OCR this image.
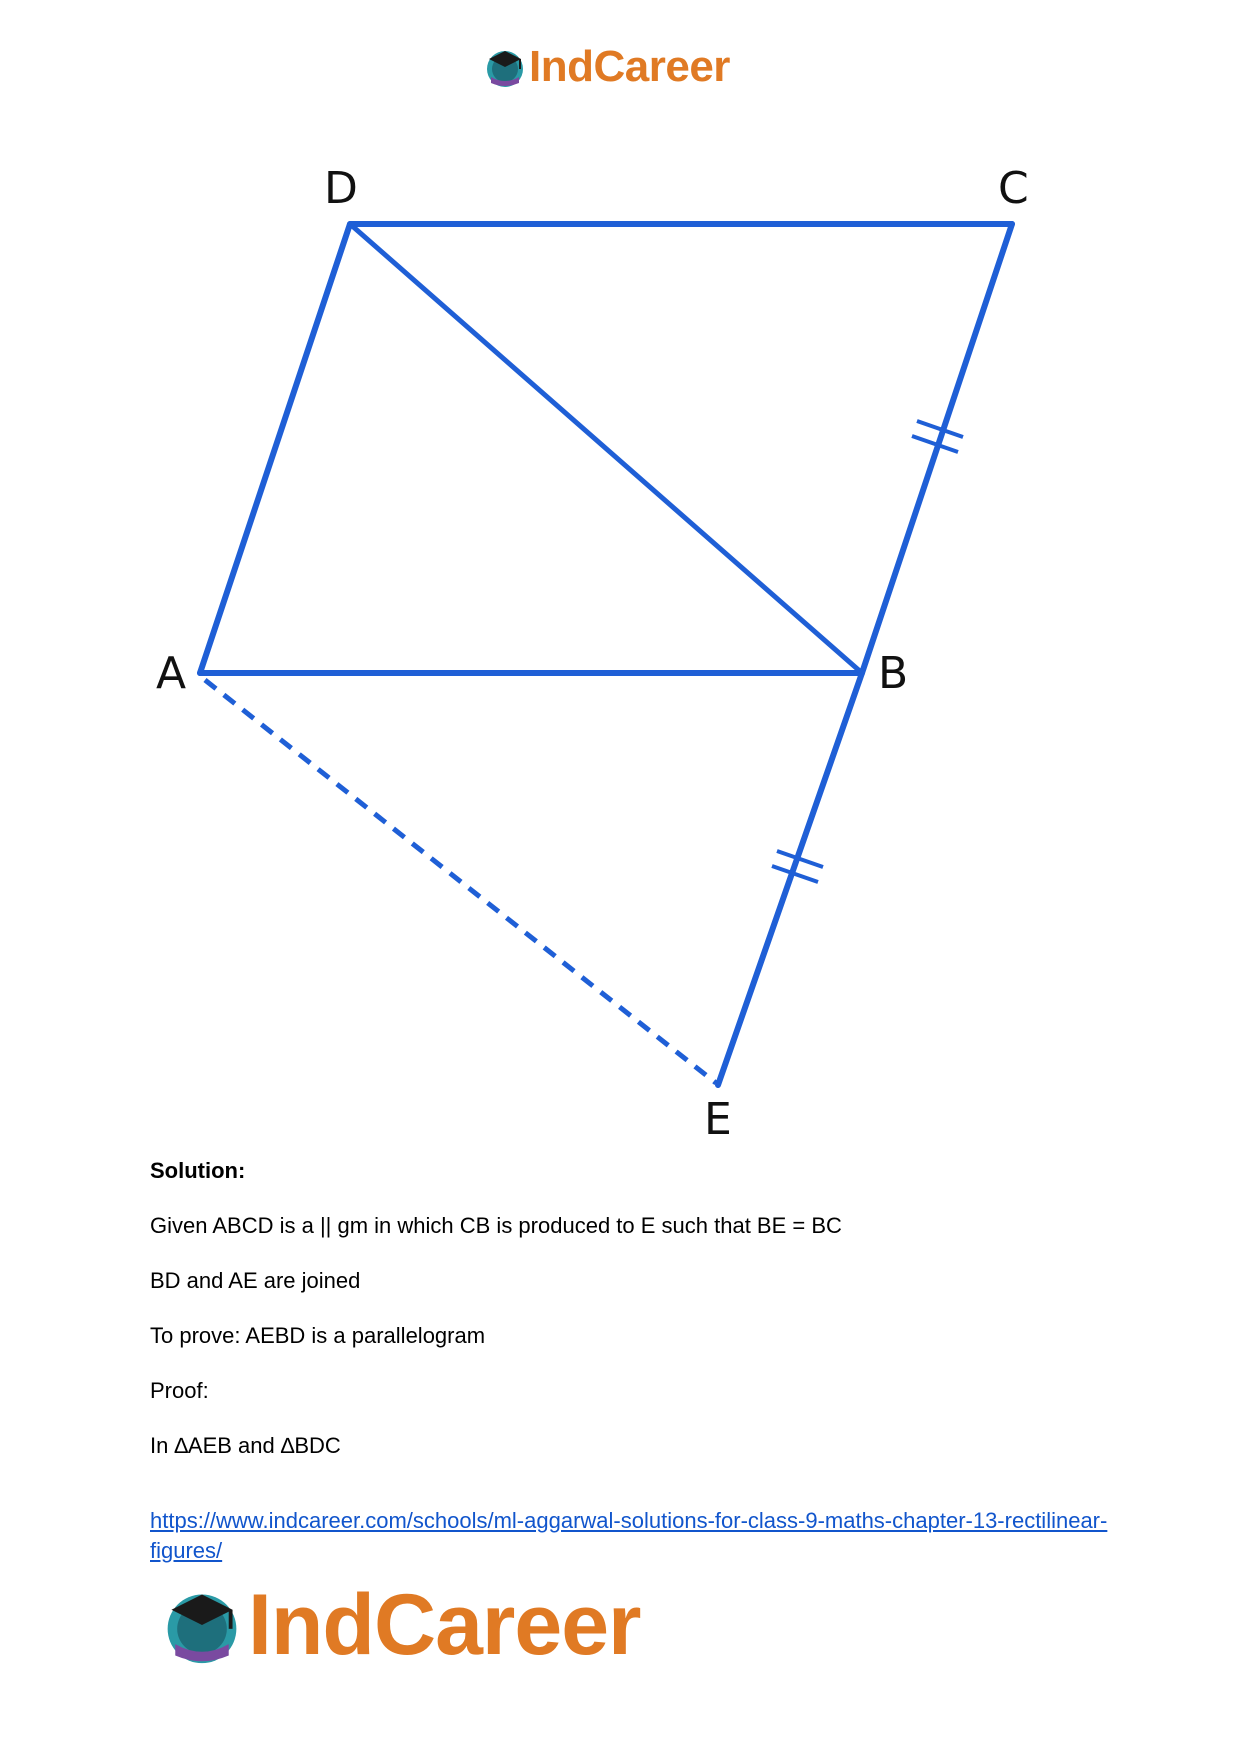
IndCareer
A	B
C
D
E

Solution:

Given ABCD is a || gm in which CB is produced to E such that BE = BC

BD and AE are joined

To prove: AEBD is a parallelogram

Proof:

In ∆AEB and ∆BDC

https://www.indcareer.com/schools/ml-aggarwal-solutions-for-class-9-maths-chapter-13-rectilinear-figures/
IndCareer
